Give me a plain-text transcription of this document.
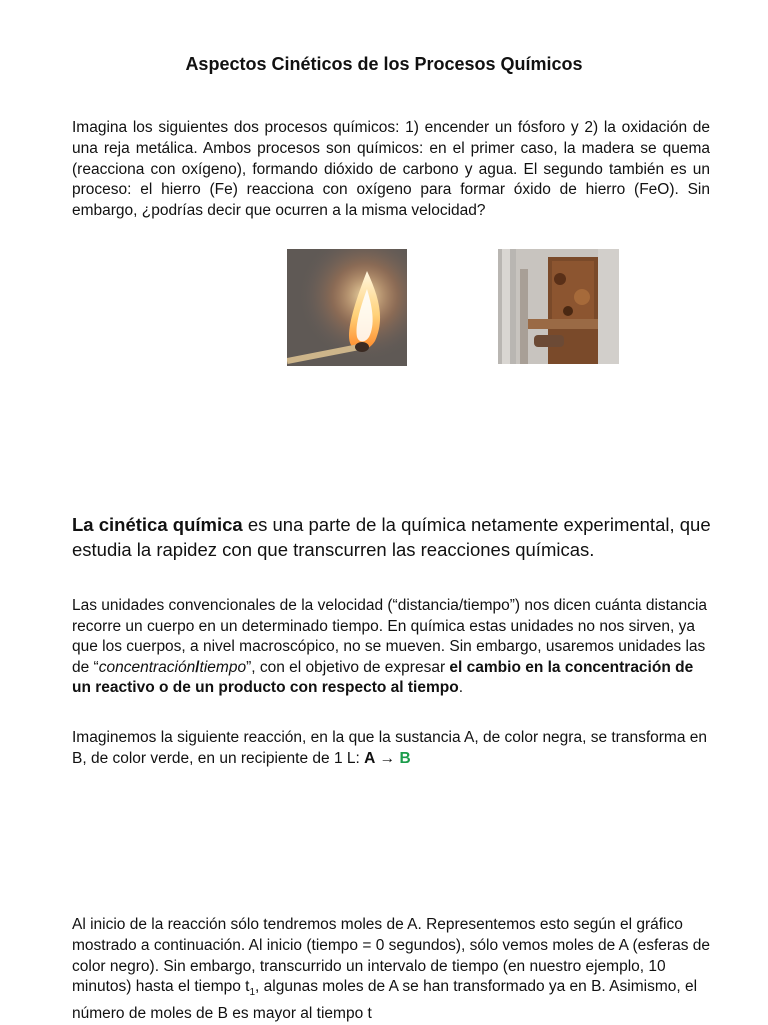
Aspectos Cinéticos de los Procesos Químicos
Imagina los siguientes dos procesos químicos: 1) encender un fósforo y 2) la oxidación de una reja metálica. Ambos procesos son químicos: en el primer caso, la madera se quema (reacciona con oxígeno), formando dióxido de carbono y agua. El segundo también es un proceso: el hierro (Fe) reacciona con oxígeno para formar óxido de hierro (FeO). Sin embargo, ¿podrías decir que ocurren a la misma velocidad?
La cinética química es una parte de la química netamente experimental, que estudia la rapidez con que transcurren las reacciones químicas.
Las unidades convencionales de la velocidad (“distancia/tiempo”) nos dicen cuánta distancia recorre un cuerpo en un determinado tiempo. En química estas unidades no nos sirven, ya que los cuerpos, a nivel macroscópico, no se mueven. Sin embargo, usaremos unidades las de “concentración/tiempo”, con el objetivo de expresar el cambio en la concentración de un reactivo o de un producto con respecto al tiempo.
Imaginemos la siguiente reacción, en la que la sustancia A, de color negra, se transforma en B, de color verde, en un recipiente de 1 L: A → B
Al inicio de la reacción sólo tendremos moles de A. Representemos esto según el gráfico mostrado a continuación. Al inicio (tiempo = 0 segundos), sólo vemos moles de A (esferas de color negro). Sin embargo, transcurrido un intervalo de tiempo (en nuestro ejemplo, 10 minutos) hasta el tiempo $t_1$, algunas moles de A se han transformado ya en B. Asimismo, el número de moles de B es mayor al tiempo t
